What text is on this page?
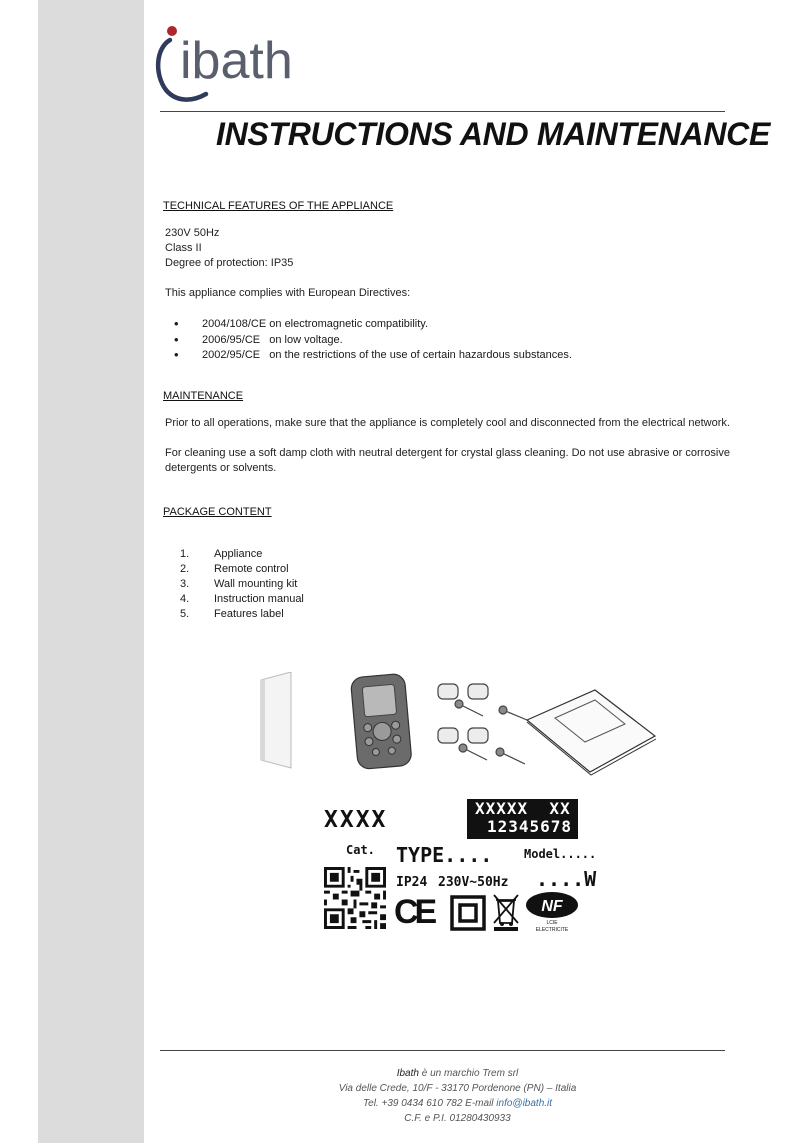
ibath
INSTRUCTIONS AND MAINTENANCE
TECHNICAL FEATURES OF THE APPLIANCE
230V 50Hz
Class II
Degree of protection: IP35
This appliance complies with European Directives:
• 2004/108/CE on electromagnetic compatibility.
• 2006/95/CE   on low voltage.
• 2002/95/CE   on the restrictions of the use of certain hazardous substances.
MAINTENANCE
Prior to all operations, make sure that the appliance is completely cool and disconnected from the electrical network.
For cleaning use a soft damp cloth with neutral detergent for crystal glass cleaning. Do not use abrasive or corrosive detergents or solvents.
PACKAGE CONTENT
1.	Appliance
2.	Remote control
3.	Wall mounting kit
4.	Instruction manual
5.	Features label
XXXX	XXXXX  XX
12345678
Cat. TYPE....	Model.....
IP24 230V~50Hz ....W
CE	NF
LCIE
ELECTRICITE
Ibath è un marchio Trem srl
Via delle Crede, 10/F - 33170 Pordenone (PN) – Italia
Tel. +39 0434 610 782 E-mail info@ibath.it
C.F. e P.I. 01280430933
